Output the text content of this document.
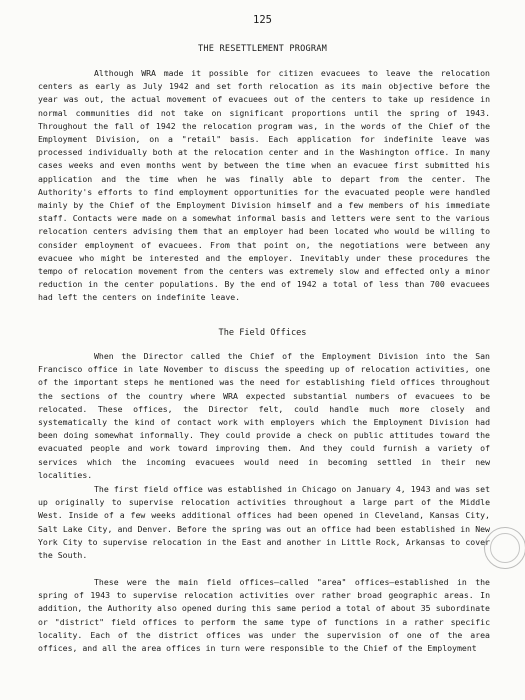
125
THE RESETTLEMENT PROGRAM

Although WRA made it possible for citizen evacuees to leave the relocation centers as early as July 1942 and set forth relocation as its main objective before the year was out, the actual movement of evacuees out of the centers to take up residence in normal communities did not take on significant proportions until the spring of 1943. Throughout the fall of 1942 the relocation program was, in the words of the Chief of the Employment Division, on a "retail" basis. Each application for indefinite leave was processed individually both at the relocation center and in the Washington office. In many cases weeks and even months went by between the time when an evacuee first submitted his application and the time when he was finally able to depart from the center. The Authority's efforts to find employment opportunities for the evacuated people were handled mainly by the Chief of the Employment Division himself and a few members of his immediate staff. Contacts were made on a somewhat informal basis and letters were sent to the various relocation centers advising them that an employer had been located who would be willing to consider employment of evacuees. From that point on, the negotiations were between any evacuee who might be interested and the employer. Inevitably under these procedures the tempo of relocation movement from the centers was extremely slow and effected only a minor reduction in the center populations. By the end of 1942 a total of less than 700 evacuees had left the centers on indefinite leave.

The Field Offices

When the Director called the Chief of the Employment Division into the San Francisco office in late November to discuss the speeding up of relocation activities, one of the important steps he mentioned was the need for establishing field offices throughout the sections of the country where WRA expected substantial numbers of evacuees to be relocated. These offices, the Director felt, could handle much more closely and systematically the kind of contact work with employers which the Employment Division had been doing somewhat informally. They could provide a check on public attitudes toward the evacuated people and work toward improving them. And they could furnish a variety of services which the incoming evacuees would need in becoming settled in their new localities.

The first field office was established in Chicago on January 4, 1943 and was set up originally to supervise relocation activities throughout a large part of the Middle West. Inside of a few weeks additional offices had been opened in Cleveland, Kansas City, Salt Lake City, and Denver. Before the spring was out an office had been established in New York City to supervise relocation in the East and another in Little Rock, Arkansas to cover the South.

These were the main field offices—called "area" offices—established in the spring of 1943 to supervise relocation activities over rather broad geographic areas. In addition, the Authority also opened during this same period a total of about 35 subordinate or "district" field offices to perform the same type of functions in a rather specific locality. Each of the district offices was under the supervision of one of the area offices, and all the area offices in turn were responsible to the Chief of the Employment
